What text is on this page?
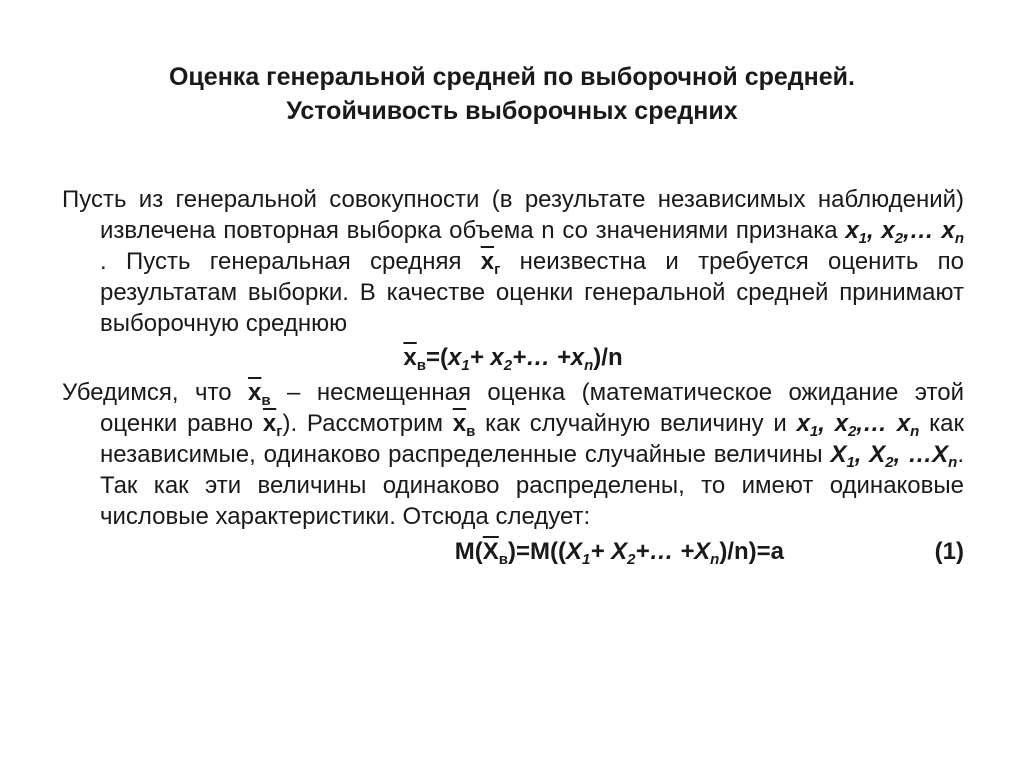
Оценка генеральной средней по выборочной средней.
Устойчивость выборочных средних

Пусть из генеральной совокупности (в результате независимых наблюдений) извлечена повторная выборка объема n со значениями признака $x_1$, $x_2,\dots$ $x_n$ . Пусть генеральная средняя $\overline{x}_г$ неизвестна и требуется оценить по результатам выборки. В качестве оценки генеральной средней принимают выборочную среднюю

$\overline{x}_в=(x_1+$ $x_2+\dots +x_n)/n$

Убедимся, что $\overline{x}_в$ – несмещенная оценка (математическое ожидание этой оценки равно $\overline{x}_г$). Рассмотрим $\overline{x}_в$ как случайную величину и $x_1$, $x_2,\dots$ $x_n$ как независимые, одинаково распределенные случайные величины $X_1$, $X_2$, $\dots X_n$. Так как эти величины одинаково распределены, то имеют одинаковые числовые характеристики. Отсюда следует:

$M(\overline{X}_в)=M((X_1+$ $X_2+\dots +X_n)/n)=a$	(1)
